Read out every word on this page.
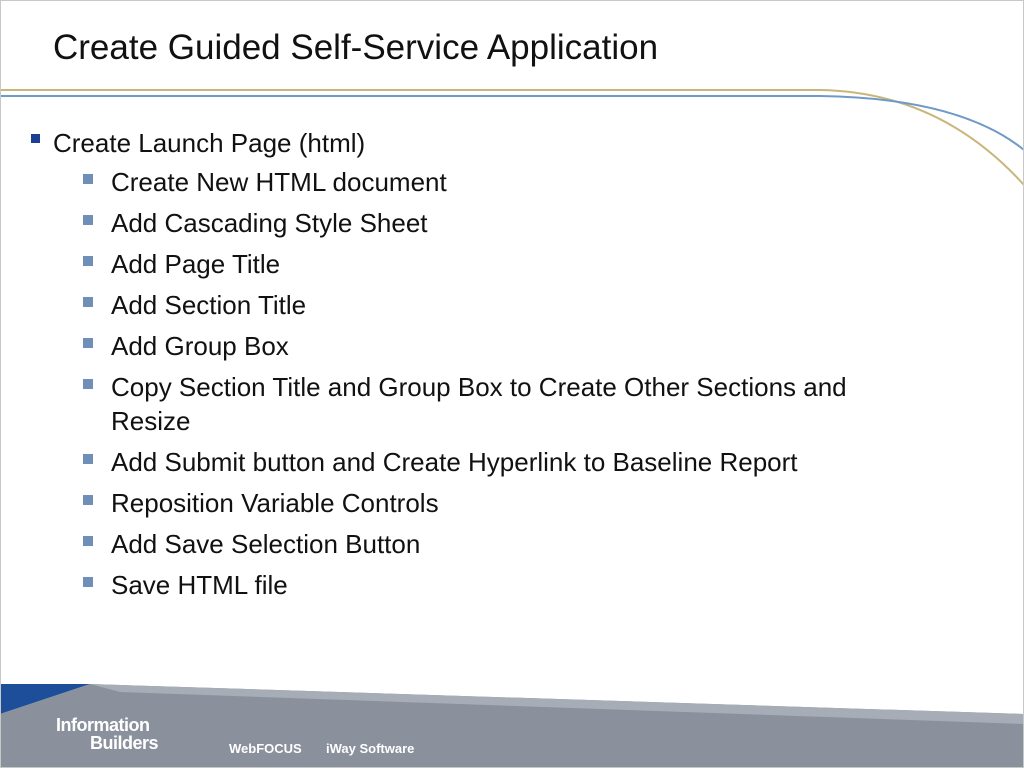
Create Guided Self-Service Application
Create Launch Page (html)
Create New HTML document
Add Cascading Style Sheet
Add Page Title
Add Section Title
Add Group Box
Copy Section Title and Group Box to Create Other Sections and Resize
Add Submit button and Create Hyperlink to Baseline Report
Reposition Variable Controls
Add Save Selection Button
Save HTML file
Information
Builders	WebFOCUS iWay Software
